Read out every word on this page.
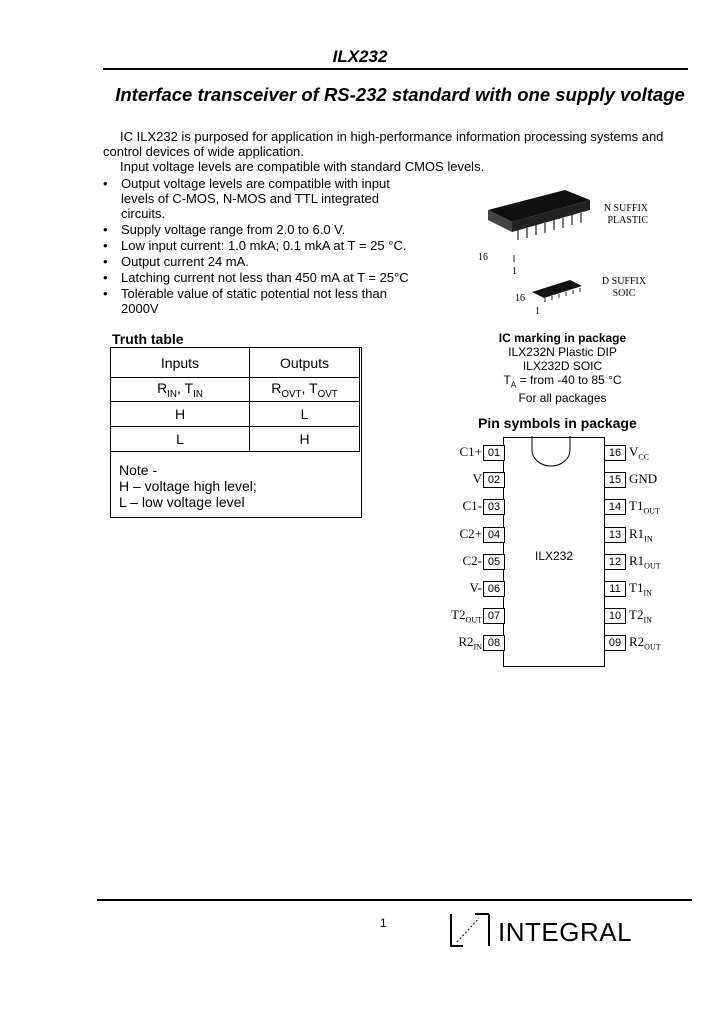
ILX232
Interface transceiver of RS-232 standard with one supply voltage
IC ILX232 is purposed for application in high-performance information processing systems and
control devices of wide application.
Input voltage levels are compatible with standard CMOS levels.
• Output voltage levels are compatible with input
levels of C-MOS, N-MOS and TTL integrated
circuits.
• Supply voltage range from 2.0 to 6.0 V.
• Low input current: 1.0 mkA; 0.1 mkA at T = 25 °C.
• Output current 24 mA.
• Latching current not less than 450 mA at T = 25°C
• Tolerable value of static potential not less than
2000V
N SUFFIX
PLASTIC
16
1
D SUFFIX
SOIC
16
1
Truth table
Inputs	Outputs
$R_{IN}$, $T_{IN}$	$R_{OVT}$, $T_{OVT}$
H	L
L	H
Note -
H – voltage high level;
L – low voltage level
IC marking in package
ILX232N Plastic DIP
ILX232D SOIC
$T_A$ = from -40 to 85 °C
For all packages
Pin symbols in package
ILX232
01
C1+
02
V
03
C1-
04
C2+
05
C2-
06
V-
07
$T2_{OUT}$
08
$R2_{IN}$
16 $V_{CC}$
15 GND
14 $T1_{OUT}$
13 $R1_{IN}$
12 $R1_{OUT}$
11 $T1_{IN}$
10 $T2_{IN}$
09 $R2_{OUT}$
1	INTEGRAL
